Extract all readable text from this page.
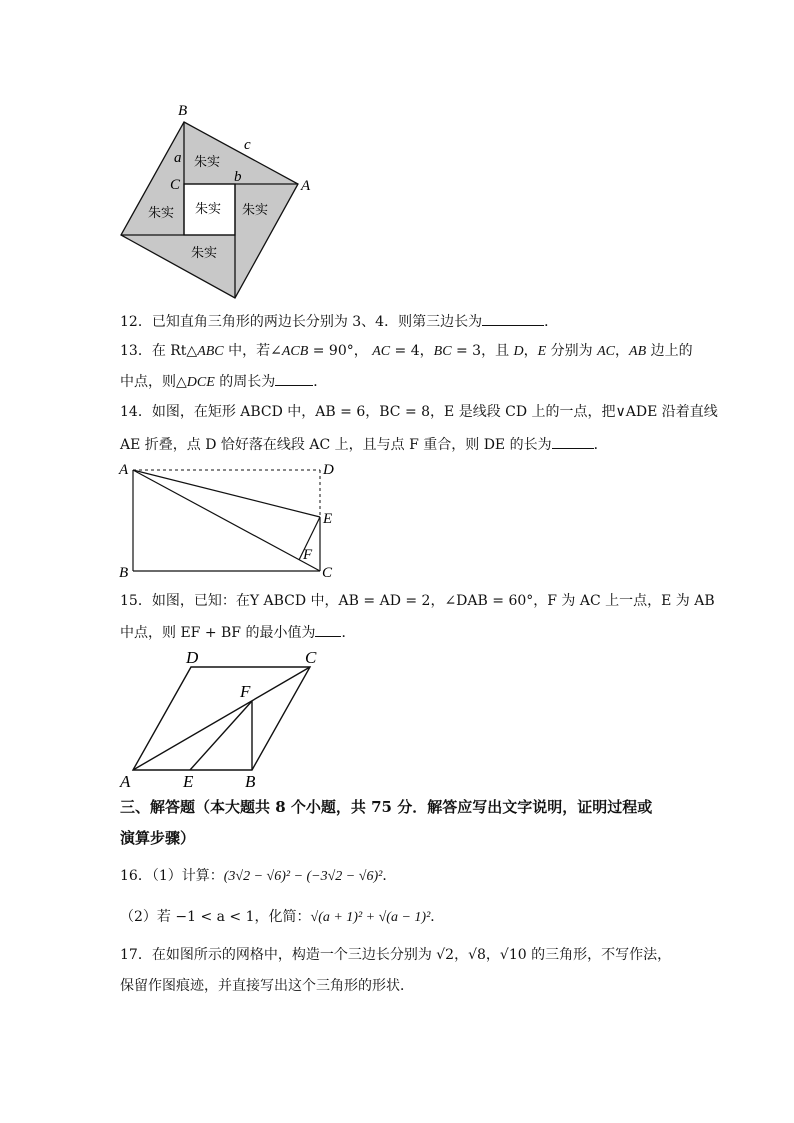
B
A
C
a
b
c
朱实
朱实 朱实 朱实
朱实
12．已知直角三角形的两边长分别为 3、4．则第三边长为	．
13．在 Rt△ABC 中，若∠ACB = 90°， AC = 4，BC = 3，且 D，E 分别为 AC，AB 边上的
中点，则△DCE 的周长为	．
14．如图，在矩形 ABCD 中，AB = 6，BC = 8，E 是线段 CD 上的一点，把∨ADE 沿着直线
AE 折叠，点 D 恰好落在线段 AC 上，且与点 F 重合，则 DE 的长为	．
A	D
E
F
B	C
15．如图，已知：在Y ABCD 中，AB = AD = 2，∠DAB = 60°，F 为 AC 上一点，E 为 AB
中点，则 EF + BF 的最小值为 ．
D	C
F
A	E	B
三、解答题（本大题共 8 个小题，共 75 分．解答应写出文字说明，证明过程或
演算步骤）
16．（1）计算：(3√2 − √6)² − (−3√2 − √6)²．
（2）若 −1 < a < 1，化简：√(a + 1)² + √(a − 1)²．
17．在如图所示的网格中，构造一个三边长分别为 √2，√8，√10 的三角形，不写作法，
保留作图痕迹，并直接写出这个三角形的形状．
